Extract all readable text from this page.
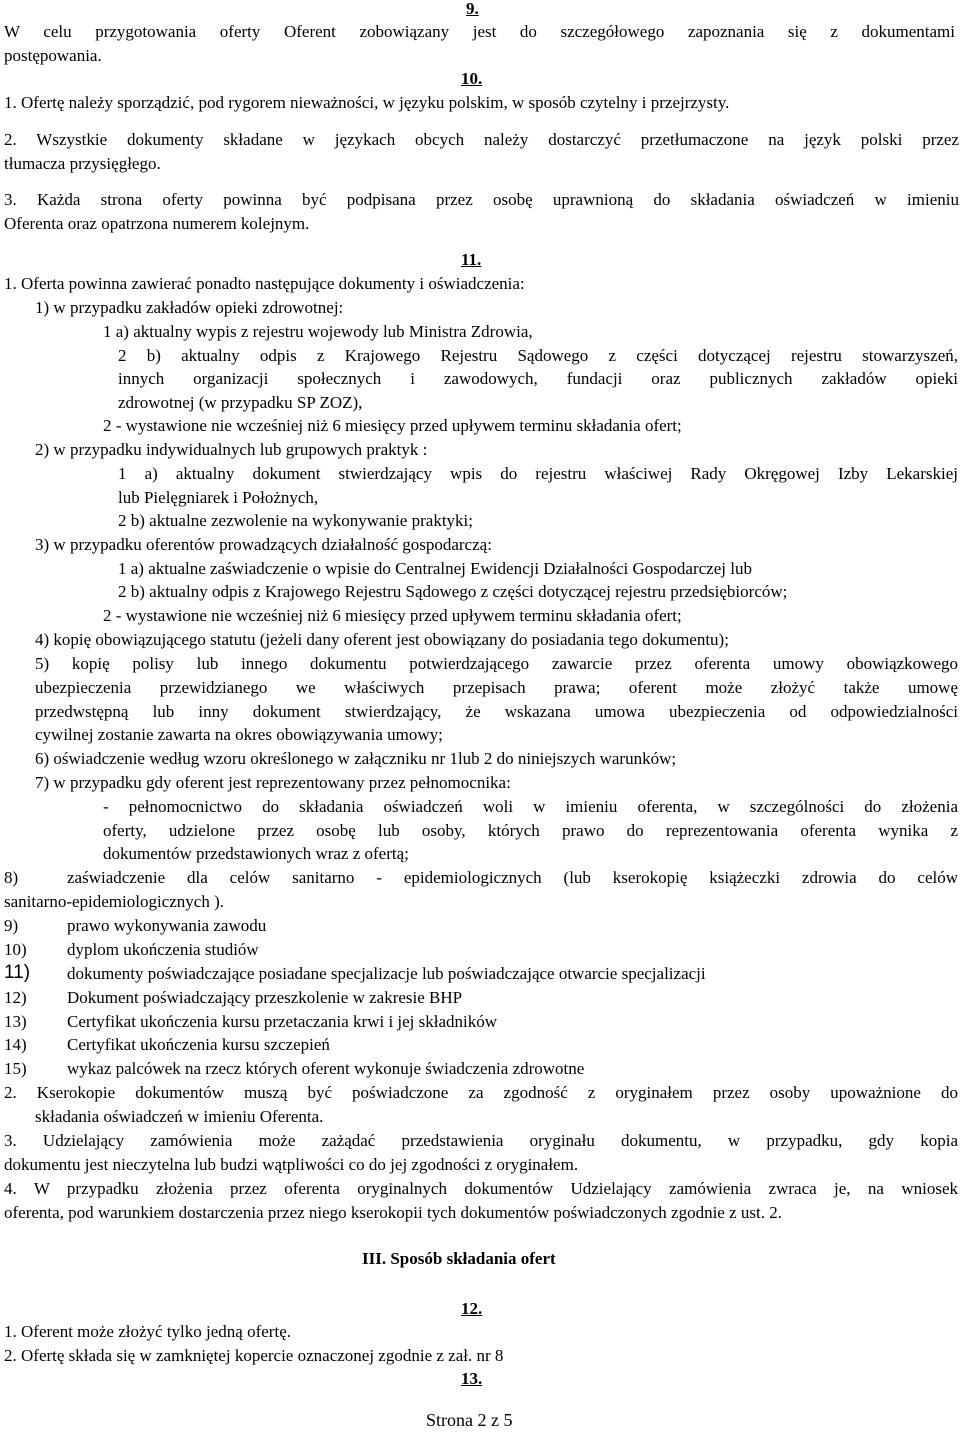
9.
W celu przygotowania oferty Oferent zobowiązany jest do szczegółowego zapoznania się z dokumentami
postępowania.
10.
1. Ofertę należy sporządzić, pod rygorem nieważności, w języku polskim, w sposób czytelny i przejrzysty.
2. Wszystkie dokumenty składane w językach obcych należy dostarczyć przetłumaczone na język polski przez
tłumacza przysięgłego.
3. Każda strona oferty powinna być podpisana przez osobę uprawnioną do składania oświadczeń w imieniu
Oferenta oraz opatrzona numerem kolejnym.
11.
1. Oferta powinna zawierać ponadto następujące dokumenty i oświadczenia:
1) w przypadku zakładów opieki zdrowotnej:
1 a) aktualny wypis z rejestru wojewody lub Ministra Zdrowia,
2 b) aktualny odpis z Krajowego Rejestru Sądowego z części dotyczącej rejestru stowarzyszeń,
innych organizacji społecznych i zawodowych, fundacji oraz publicznych zakładów opieki
zdrowotnej (w przypadku SP ZOZ),
2 - wystawione nie wcześniej niż 6 miesięcy przed upływem terminu składania ofert;
2) w przypadku indywidualnych lub grupowych praktyk :
1 a) aktualny dokument stwierdzający wpis do rejestru właściwej Rady Okręgowej Izby Lekarskiej
lub Pielęgniarek i Położnych,
2 b) aktualne zezwolenie na wykonywanie praktyki;
3) w przypadku oferentów prowadzących działalność gospodarczą:
1 a) aktualne zaświadczenie o wpisie do Centralnej Ewidencji Działalności Gospodarczej lub
2 b) aktualny odpis z Krajowego Rejestru Sądowego z części dotyczącej rejestru przedsiębiorców;
2 - wystawione nie wcześniej niż 6 miesięcy przed upływem terminu składania ofert;
4) kopię obowiązującego statutu (jeżeli dany oferent jest obowiązany do posiadania tego dokumentu);
5) kopię polisy lub innego dokumentu potwierdzającego zawarcie przez oferenta umowy obowiązkowego
ubezpieczenia przewidzianego we właściwych przepisach prawa; oferent może złożyć także umowę
przedwstępną lub inny dokument stwierdzający, że wskazana umowa ubezpieczenia od odpowiedzialności
cywilnej zostanie zawarta na okres obowiązywania umowy;
6) oświadczenie według wzoru określonego w załączniku nr 1lub 2 do niniejszych warunków;
7) w przypadku gdy oferent jest reprezentowany przez pełnomocnika:
- pełnomocnictwo do składania oświadczeń woli w imieniu oferenta, w szczególności do złożenia
oferty, udzielone przez osobę lub osoby, których prawo do reprezentowania oferenta wynika z
dokumentów przedstawionych wraz z ofertą;
8)	zaświadczenie dla celów sanitarno - epidemiologicznych (lub kserokopię książeczki zdrowia do celów
sanitarno-epidemiologicznych ).
9)	prawo wykonywania zawodu
10) dyplom ukończenia studiów
11) dokumenty poświadczające posiadane specjalizacje lub poświadczające otwarcie specjalizacji
12) Dokument poświadczający przeszkolenie w zakresie BHP
13) Certyfikat ukończenia kursu przetaczania krwi i jej składników
14) Certyfikat ukończenia kursu szczepień
15) wykaz palcówek na rzecz których oferent wykonuje świadczenia zdrowotne
2. Kserokopie dokumentów muszą być poświadczone za zgodność z oryginałem przez osoby upoważnione do
składania oświadczeń w imieniu Oferenta.
3. Udzielający zamówienia może zażądać przedstawienia oryginału dokumentu, w przypadku, gdy kopia
dokumentu jest nieczytelna lub budzi wątpliwości co do jej zgodności z oryginałem.
4. W przypadku złożenia przez oferenta oryginalnych dokumentów Udzielający zamówienia zwraca je, na wniosek
oferenta, pod warunkiem dostarczenia przez niego kserokopii tych dokumentów poświadczonych zgodnie z ust. 2.
III. Sposób składania ofert
12.
1. Oferent może złożyć tylko jedną ofertę.
2. Ofertę składa się w zamkniętej kopercie oznaczonej zgodnie z zał. nr 8
13.
Strona 2 z 5
